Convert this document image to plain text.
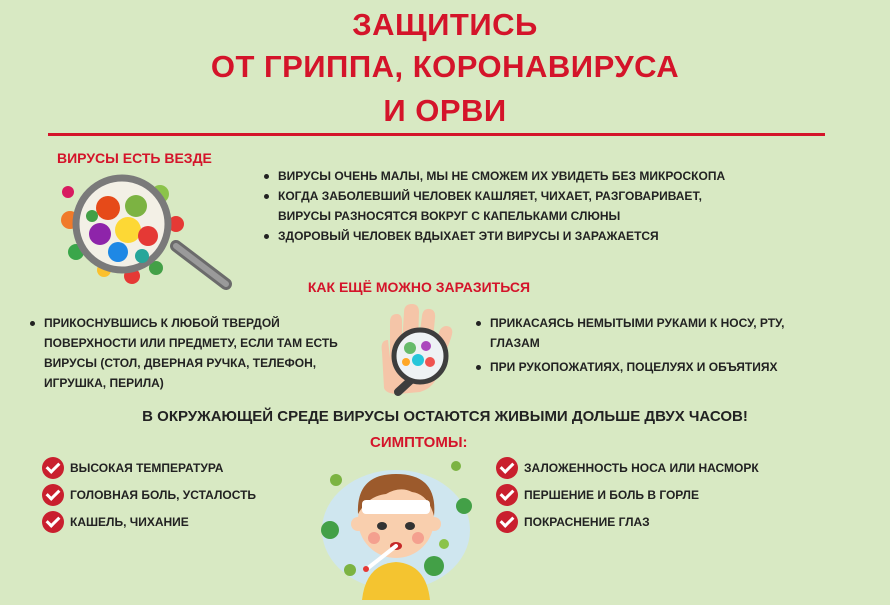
ЗАЩИТИСЬ
ОТ ГРИППА, КОРОНАВИРУСА
И ОРВИ
ВИРУСЫ ЕСТЬ ВЕЗДЕ
ВИРУСЫ ОЧЕНЬ МАЛЫ, МЫ НЕ СМОЖЕМ ИХ УВИДЕТЬ БЕЗ МИКРОСКОПА
КОГДА ЗАБОЛЕВШИЙ ЧЕЛОВЕК КАШЛЯЕТ, ЧИХАЕТ, РАЗГОВАРИВАЕТ,
ВИРУСЫ РАЗНОСЯТСЯ ВОКРУГ С КАПЕЛЬКАМИ СЛЮНЫ
ЗДОРОВЫЙ ЧЕЛОВЕК ВДЫХАЕТ ЭТИ ВИРУСЫ И ЗАРАЖАЕТСЯ
КАК ЕЩЁ МОЖНО ЗАРАЗИТЬСЯ
ПРИКОСНУВШИСЬ К ЛЮБОЙ ТВЕРДОЙ

ПОВЕРХНОСТИ ИЛИ ПРЕДМЕТУ, ЕСЛИ ТАМ ЕСТЬ
ВИРУСЫ (СТОЛ, ДВЕРНАЯ РУЧКА, ТЕЛЕФОН,
ИГРУШКА, ПЕРИЛА)
ПРИКАСАЯСЬ НЕМЫТЫМИ РУКАМИ К НОСУ, РТУ,
ГЛАЗАМ
ПРИ РУКОПОЖАТИЯХ, ПОЦЕЛУЯХ И ОБЪЯТИЯХ
В ОКРУЖАЮЩЕЙ СРЕДЕ ВИРУСЫ ОСТАЮТСЯ ЖИВЫМИ ДОЛЬШЕ ДВУХ ЧАСОВ!
СИМПТОМЫ:
ВЫСОКАЯ ТЕМПЕРАТУРА
ГОЛОВНАЯ БОЛЬ, УСТАЛОСТЬ
КАШЕЛЬ, ЧИХАНИЕ
ЗАЛОЖЕННОСТЬ НОСА ИЛИ НАСМОРК
ПЕРШЕНИЕ И БОЛЬ В ГОРЛЕ
ПОКРАСНЕНИЕ ГЛАЗ
